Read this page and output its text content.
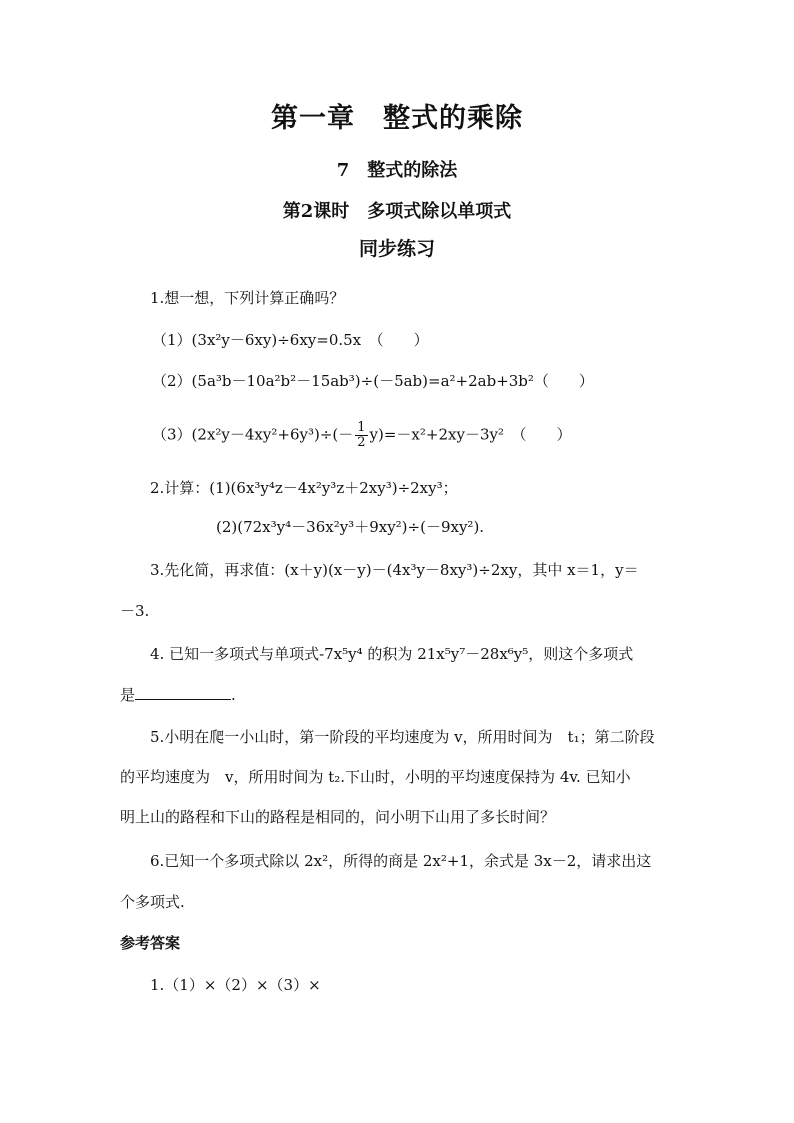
第一章　整式的乘除
7　整式的除法
第2课时　多项式除以单项式
同步练习
1.想一想，下列计算正确吗？
（1）(3x²y－6xy)÷6xy=0.5x　（　　）
（2）(5a³b－10a²b²－15ab³)÷(－5ab)=a²+2ab+3b²（　　）
$(3)(2x^2y-4xy^2+6y^3)\div(- \frac{1}{2} y)=-x^2+2xy-3y^2$　（　　）
2.计算：(1)(6x³y⁴z－4x²y³z＋2xy³)÷2xy³；
(2)(72x³y⁴－36x²y³＋9xy²)÷(－9xy²).
3.先化简，再求值：(x＋y)(x－y)－(4x³y－8xy³)÷2xy，其中 x＝1，y＝
－3.
4. 已知一多项式与单项式-7x⁵y⁴ 的积为 21x⁵y⁷－28x⁶y⁵，则这个多项式
是	.
5.小明在爬一小山时，第一阶段的平均速度为 v，所用时间为　t₁；第二阶段
的平均速度为　v，所用时间为 t₂.下山时，小明的平均速度保持为 4v. 已知小
明上山的路程和下山的路程是相同的，问小明下山用了多长时间？
6.已知一个多项式除以 2x²，所得的商是 2x²+1，余式是 3x－2，请求出这
个多项式.
参考答案
1.（1）×（2）×（3）×
